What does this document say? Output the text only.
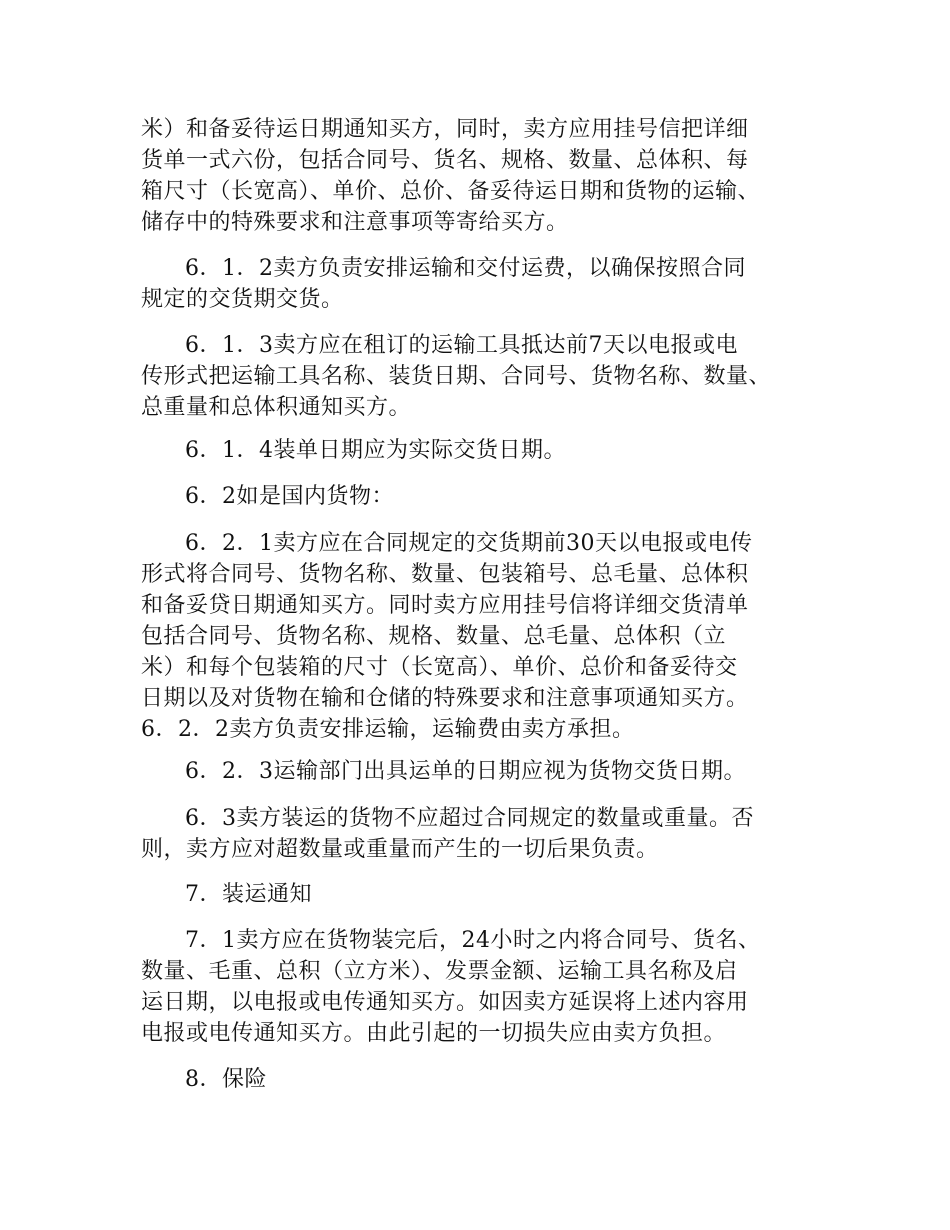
米）和备妥待运日期通知买方，同时，卖方应用挂号信把详细
货单一式六份，包括合同号、货名、规格、数量、总体积、每
箱尺寸（长宽高）、单价、总价、备妥待运日期和货物的运输、
储存中的特殊要求和注意事项等寄给买方。
6．1．2卖方负责安排运输和交付运费，以确保按照合同
规定的交货期交货。
6．1．3卖方应在租订的运输工具抵达前7天以电报或电
传形式把运输工具名称、装货日期、合同号、货物名称、数量、
总重量和总体积通知买方。
6．1．4装单日期应为实际交货日期。
6．2如是国内货物：
6．2．1卖方应在合同规定的交货期前30天以电报或电传
形式将合同号、货物名称、数量、包装箱号、总毛量、总体积
和备妥贷日期通知买方。同时卖方应用挂号信将详细交货清单
包括合同号、货物名称、规格、数量、总毛量、总体积（立
米）和每个包装箱的尺寸（长宽高）、单价、总价和备妥待交
日期以及对货物在输和仓储的特殊要求和注意事项通知买方。
6．2．2卖方负责安排运输，运输费由卖方承担。
6．2．3运输部门出具运单的日期应视为货物交货日期。
6．3卖方装运的货物不应超过合同规定的数量或重量。否
则，卖方应对超数量或重量而产生的一切后果负责。
7．装运通知
7．1卖方应在货物装完后，24小时之内将合同号、货名、
数量、毛重、总积（立方米）、发票金额、运输工具名称及启
运日期，以电报或电传通知买方。如因卖方延误将上述内容用
电报或电传通知买方。由此引起的一切损失应由卖方负担。
8．保险
